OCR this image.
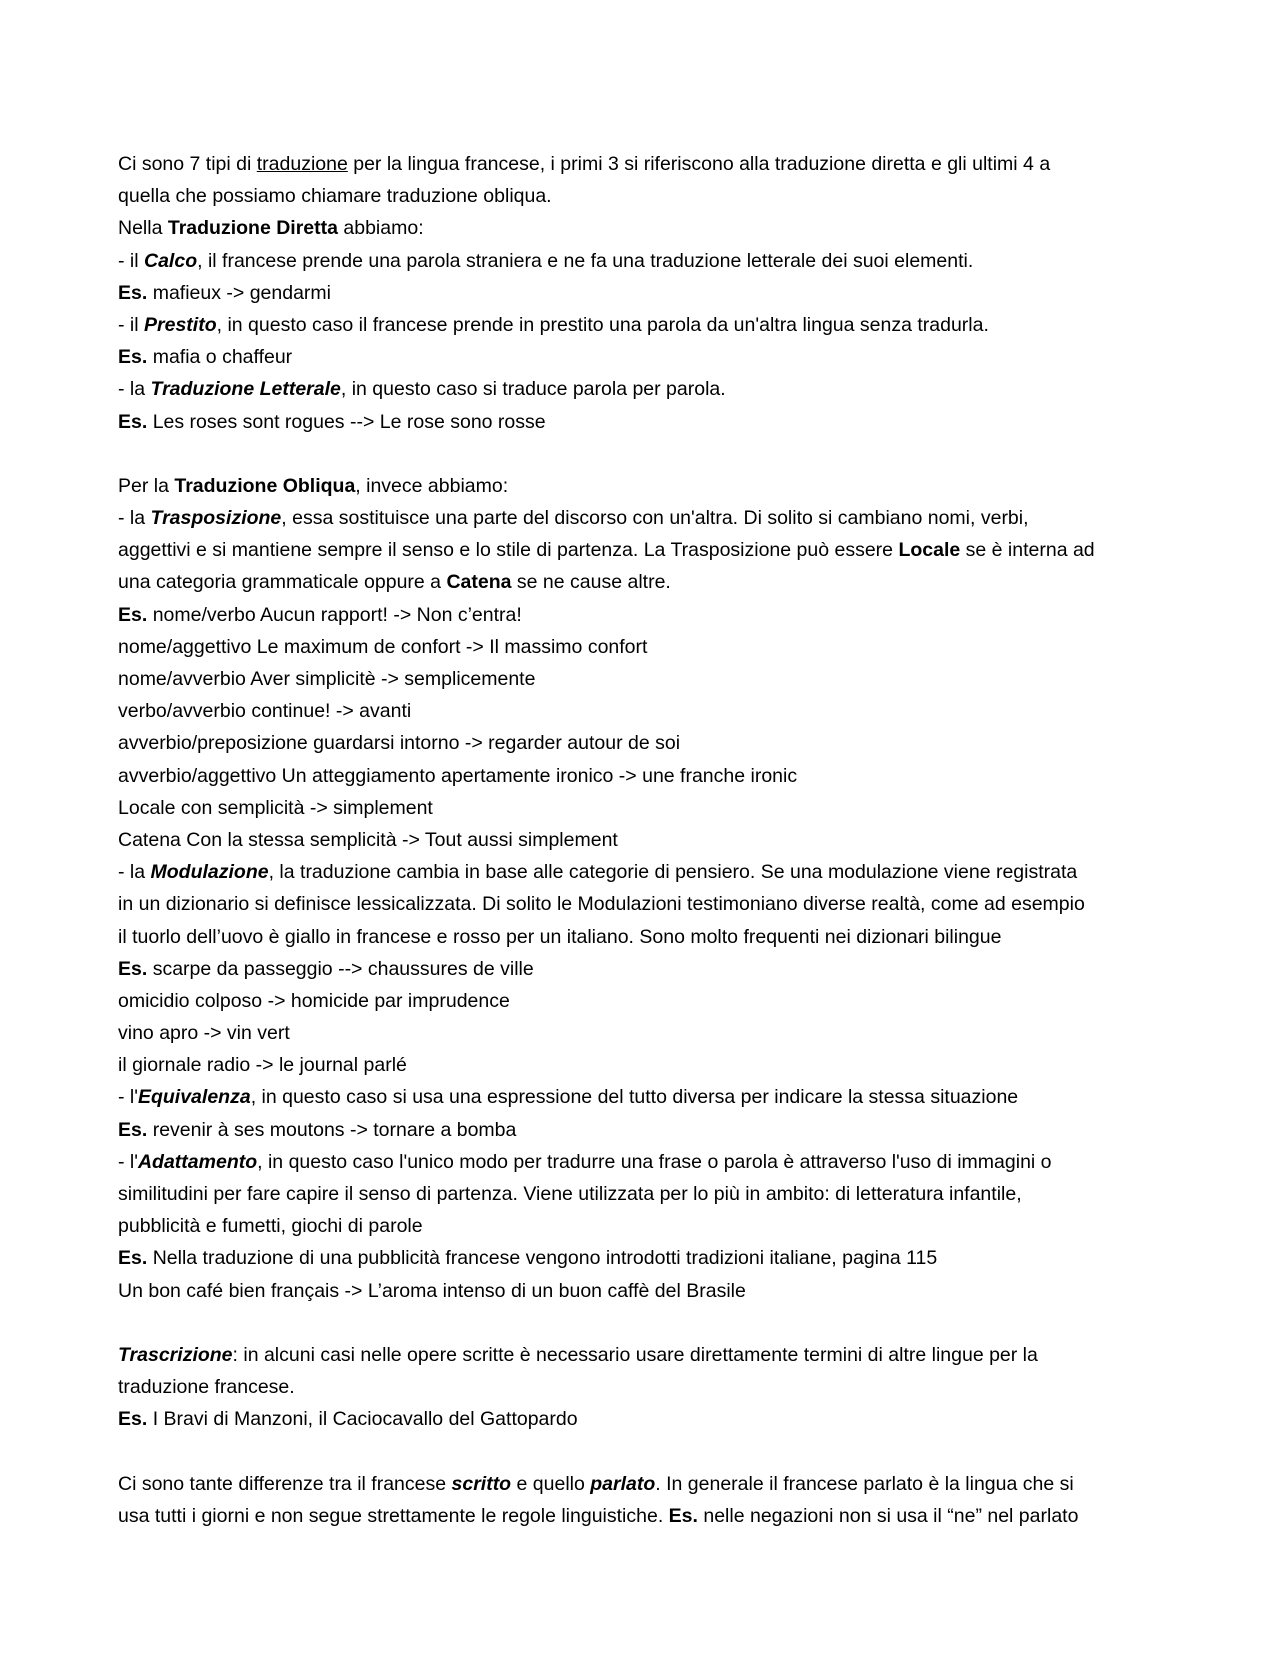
Ci sono 7 tipi di traduzione per la lingua francese, i primi 3 si riferiscono alla traduzione diretta e gli ultimi 4 a
quella che possiamo chiamare traduzione obliqua.
Nella Traduzione Diretta abbiamo:
- il Calco, il francese prende una parola straniera e ne fa una traduzione letterale dei suoi elementi.
Es. mafieux -> gendarmi
- il Prestito, in questo caso il francese prende in prestito una parola da un'altra lingua senza tradurla.
Es. mafia o chaffeur
- la Traduzione Letterale, in questo caso si traduce parola per parola.
Es. Les roses sont rogues --> Le rose sono rosse
Per la Traduzione Obliqua, invece abbiamo:
- la Trasposizione, essa sostituisce una parte del discorso con un'altra. Di solito si cambiano nomi, verbi,
aggettivi e si mantiene sempre il senso e lo stile di partenza. La Trasposizione può essere Locale se è interna ad
una categoria grammaticale oppure a Catena se ne cause altre.
Es. nome/verbo Aucun rapport! -> Non c’entra!
nome/aggettivo Le maximum de confort -> Il massimo confort
nome/avverbio Aver simplicitè -> semplicemente
verbo/avverbio continue! -> avanti
avverbio/preposizione guardarsi intorno -> regarder autour de soi
avverbio/aggettivo Un atteggiamento apertamente ironico -> une franche ironic
Locale con semplicità -> simplement
Catena Con la stessa semplicità -> Tout aussi simplement
- la Modulazione, la traduzione cambia in base alle categorie di pensiero. Se una modulazione viene registrata
in un dizionario si definisce lessicalizzata. Di solito le Modulazioni testimoniano diverse realtà, come ad esempio
il tuorlo dell’uovo è giallo in francese e rosso per un italiano. Sono molto frequenti nei dizionari bilingue
Es. scarpe da passeggio --> chaussures de ville
omicidio colposo -> homicide par imprudence
vino apro -> vin vert
il giornale radio -> le journal parlé
- l'Equivalenza, in questo caso si usa una espressione del tutto diversa per indicare la stessa situazione
Es. revenir à ses moutons -> tornare a bomba
- l'Adattamento, in questo caso l'unico modo per tradurre una frase o parola è attraverso l'uso di immagini o
similitudini per fare capire il senso di partenza. Viene utilizzata per lo più in ambito: di letteratura infantile,
pubblicità e fumetti, giochi di parole
Es. Nella traduzione di una pubblicità francese vengono introdotti tradizioni italiane, pagina 115
Un bon café bien français -> L’aroma intenso di un buon caffè del Brasile
Trascrizione: in alcuni casi nelle opere scritte è necessario usare direttamente termini di altre lingue per la
traduzione francese.
Es. I Bravi di Manzoni, il Caciocavallo del Gattopardo
Ci sono tante differenze tra il francese scritto e quello parlato. In generale il francese parlato è la lingua che si
usa tutti i giorni e non segue strettamente le regole linguistiche. Es. nelle negazioni non si usa il “ne” nel parlato
